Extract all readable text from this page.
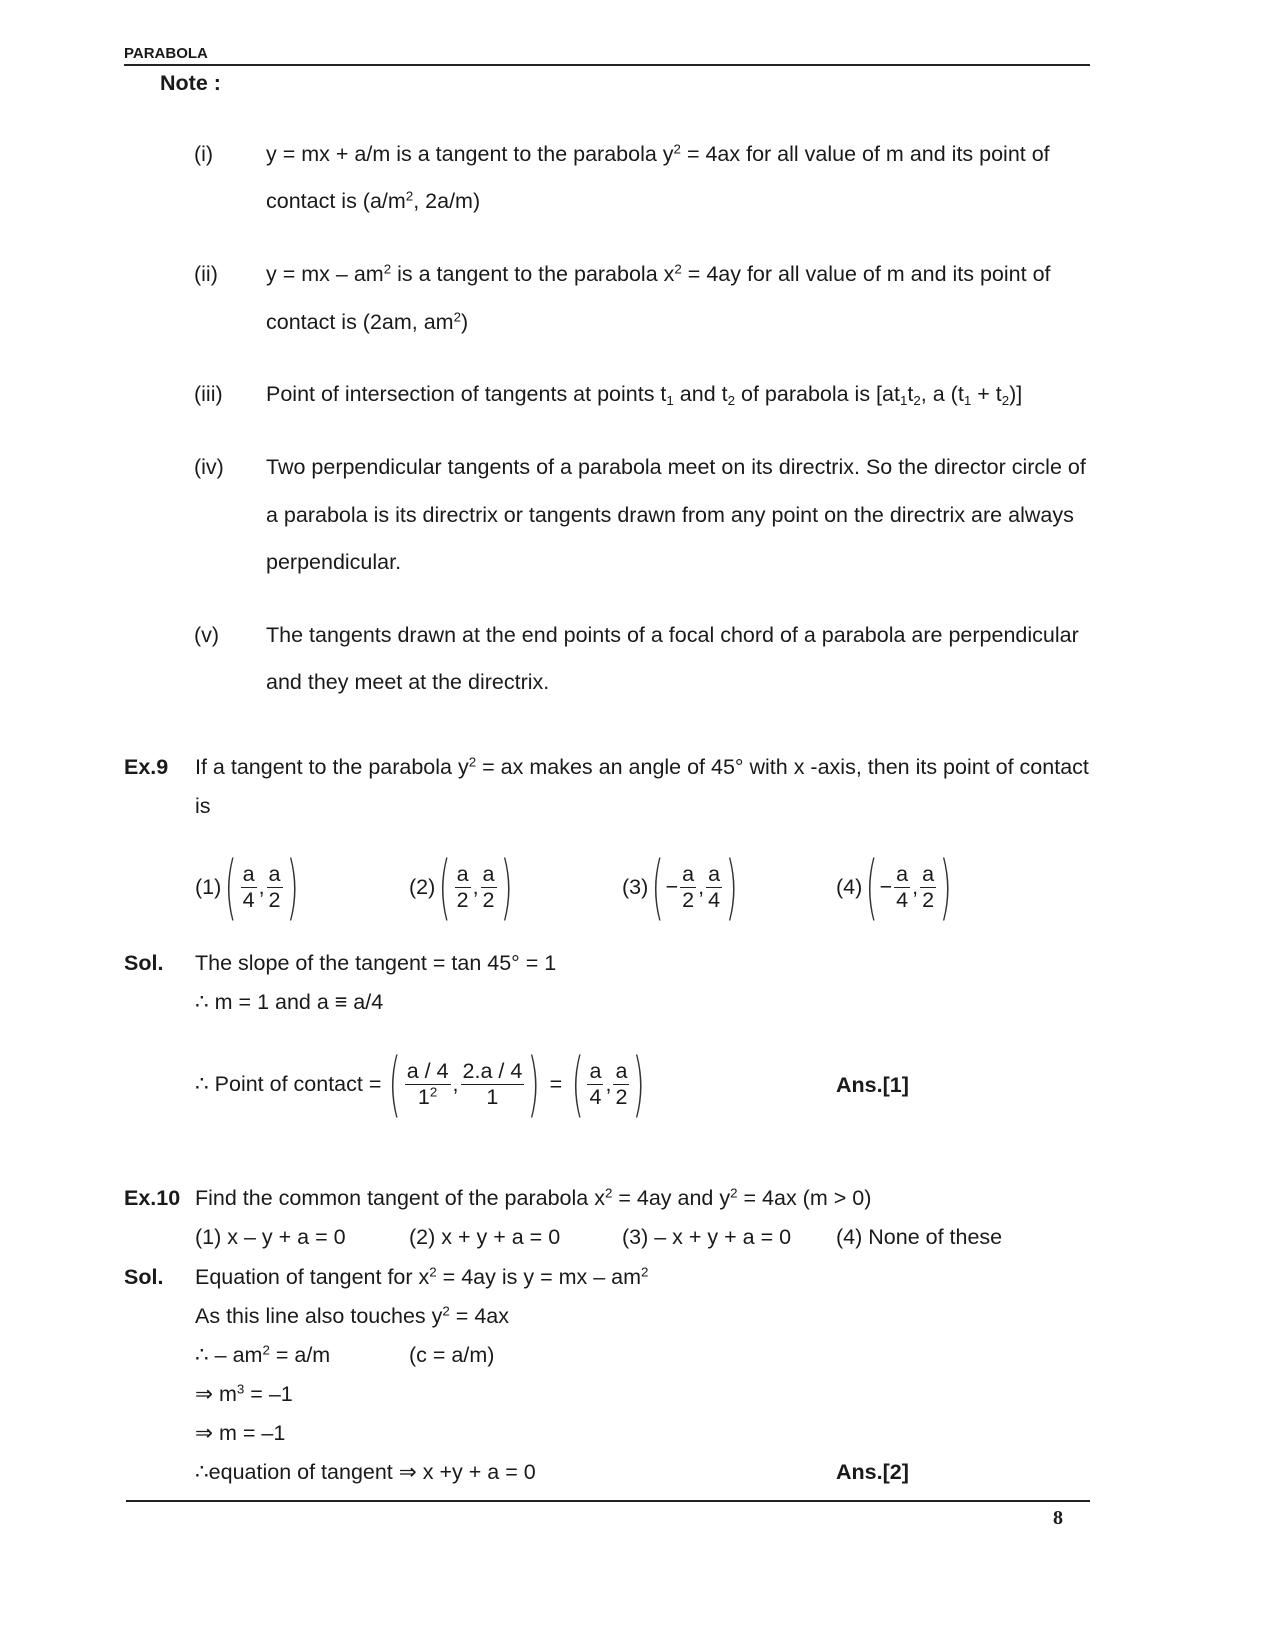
PARABOLA
Note :
(i) y = mx + a/m is a tangent to the parabola $y^2 = 4ax$ for all value of m and its point of
contact is ($a/m^2$, 2a/m)
(ii) y = mx – $am^2$ is a tangent to the parabola $x^2 = 4ay$ for all value of m and its point of
contact is (2am, $am^2$)
(iii) Point of intersection of tangents at points $t_1$ and $t_2$ of parabola is [$at_1t_2$, a $(t_1 + t_2)$]
(iv) Two perpendicular tangents of a parabola meet on its directrix. So the director circle of
a parabola is its directrix or tangents drawn from any point on the directrix are always
perpendicular.
(v) The tangents drawn at the end points of a focal chord of a parabola are perpendicular
and they meet at the directrix.
Ex.9 If a tangent to the parabola $y^2$ = ax makes an angle of 45° with x -axis, then its point of contact
is
(1) ( $\frac{a}{4}$ , $\frac{a}{2}$ )	(2) ( $\frac{a}{2}$ , $\frac{a}{2}$ )	(3) ( − $\frac{a}{2}$ , $\frac{a}{4}$ )	(4) ( − $\frac{a}{4}$ , $\frac{a}{2}$ )
Sol. The slope of the tangent = tan 45° = 1
∴ m = 1 and a ≡ a/4
∴ Point of contact = ( $\frac{a / 4}{1^2}$ , $\frac{2.a / 4}{1}$ ) = ( $\frac{a}{4}$ , $\frac{a}{2}$ )	Ans.[1]
Ex.10 Find the common tangent of the parabola $x^2 = 4ay$ and $y^2 = 4ax$ (m > 0)
(1) x – y + a = 0	(2) x + y + a = 0	(3) – x + y + a = 0 (4) None of these
Sol. Equation of tangent for $x^2 = 4ay$ is y = mx – $am^2$
As this line also touches $y^2 = 4ax$
∴ – $am^2 = a/m$	(c = a/m)
⇒ $m^3 = -1$
⇒ m = –1
∴equation of tangent ⇒ x +y + a = 0	Ans.[2]
8
